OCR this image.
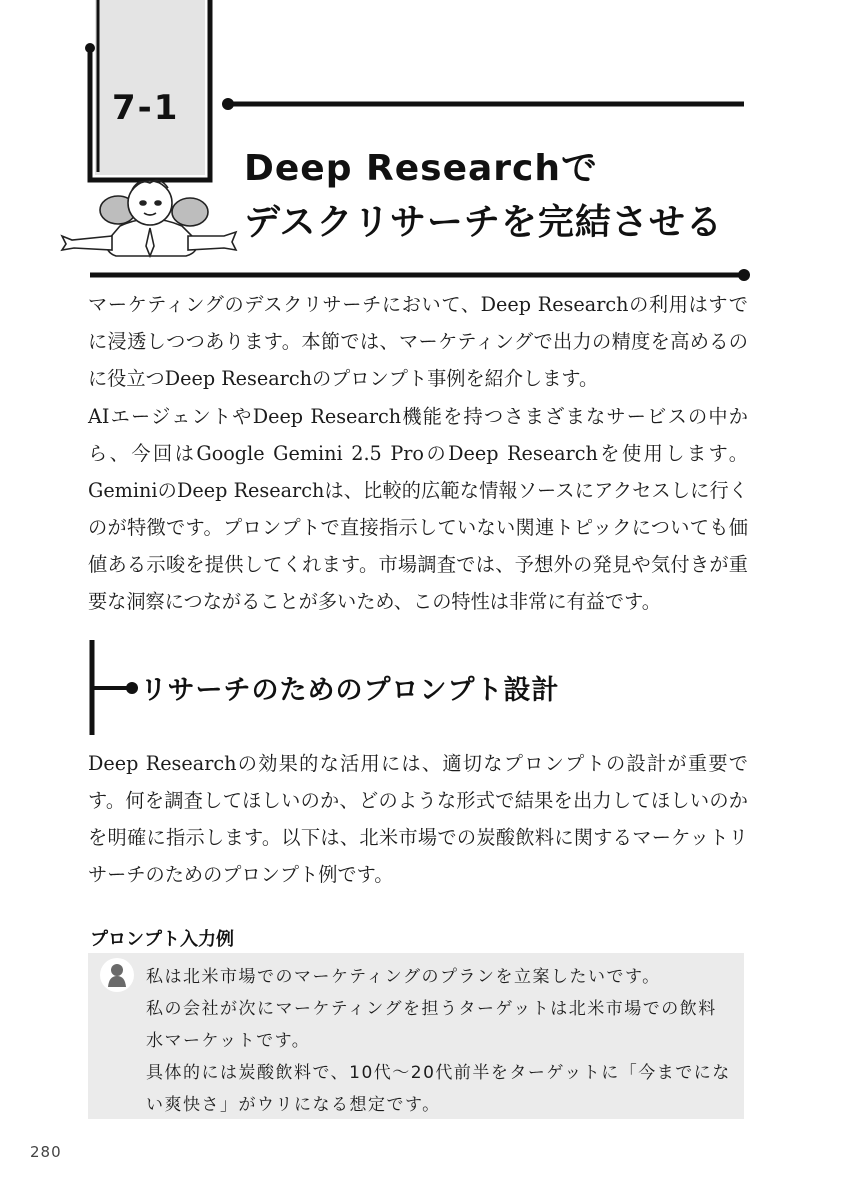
7-1
Deep Researchで
デスクリサーチを完結させる

マーケティングのデスクリサーチにおいて、Deep Researchの利用はすでに浸透しつつあります。本節では、マーケティングで出力の精度を高めるのに役立つDeep Researchのプロンプト事例を紹介します。

AIエージェントやDeep Research機能を持つさまざまなサービスの中から、今回はGoogle Gemini 2.5 ProのDeep Researchを使用します。GeminiのDeep Researchは、比較的広範な情報ソースにアクセスしに行くのが特徴です。プロンプトで直接指示していない関連トピックについても価値ある示唆を提供してくれます。市場調査では、予想外の発見や気付きが重要な洞察につながることが多いため、この特性は非常に有益です。

リサーチのためのプロンプト設計

Deep Researchの効果的な活用には、適切なプロンプトの設計が重要です。何を調査してほしいのか、どのような形式で結果を出力してほしいのかを明確に指示します。以下は、北米市場での炭酸飲料に関するマーケットリサーチのためのプロンプト例です。

プロンプト入力例

私は北米市場でのマーケティングのプランを立案したいです。

私の会社が次にマーケティングを担うターゲットは北米市場での飲料

水マーケットです。

具体的には炭酸飲料で、10代〜20代前半をターゲットに「今までにな

い爽快さ」がウリになる想定です。

280
